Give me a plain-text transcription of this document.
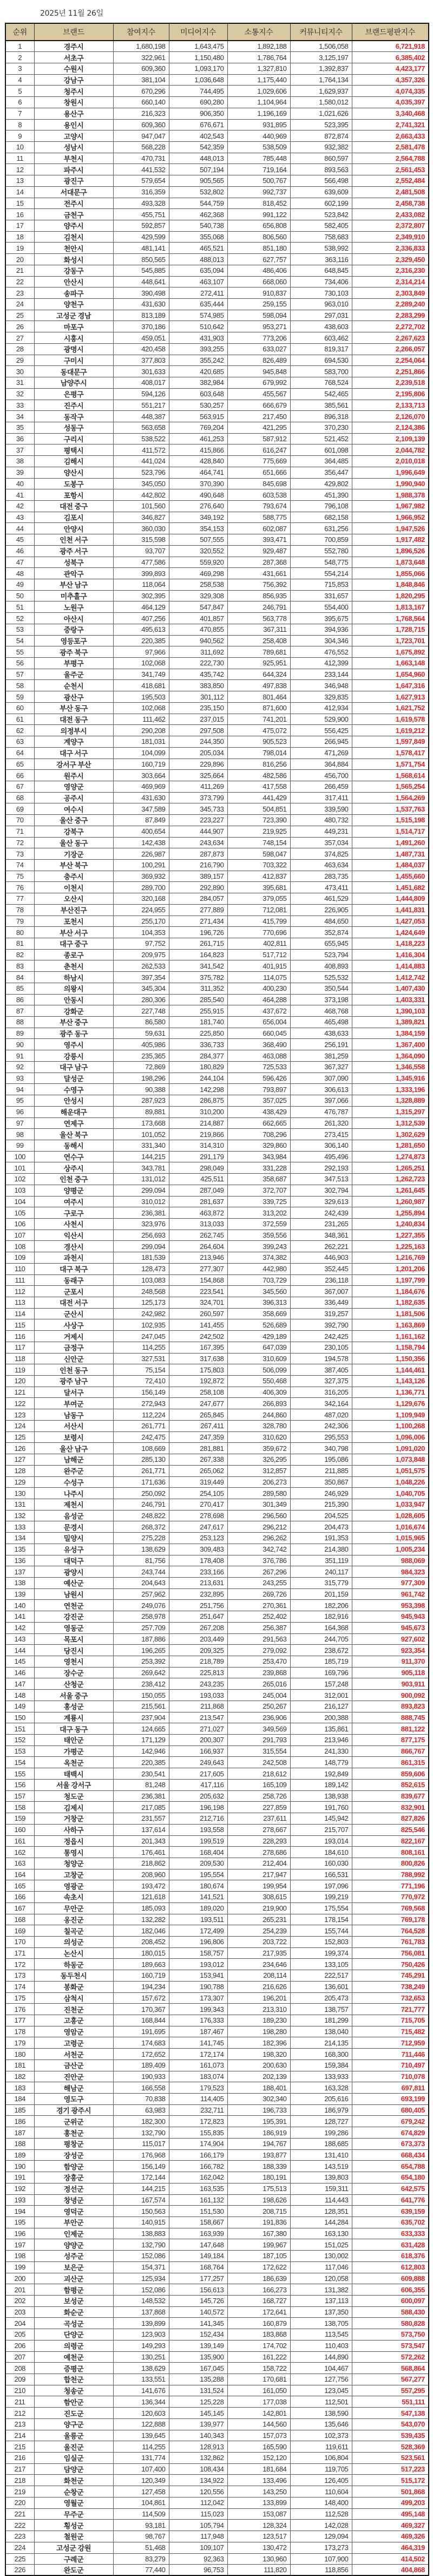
2025년 11월 26일
순위	브랜드	참여지수	미디어지수	소통지수	커뮤니티지수	브랜드평판지수
1	경주시	1,680,198	1,643,475	1,892,188	1,506,058	6,721,918
2	서초구	322,961	1,150,480	1,786,764	3,125,197	6,385,402
3	수원시	609,360	1,093,170	1,327,810	1,392,837	4,423,177
4	강남구	381,104	1,036,648	1,175,440	1,764,134	4,357,326
5	청주시	670,296	744,495	1,029,606	1,629,937	4,074,335
6	창원시	660,140	690,280	1,104,964	1,580,012	4,035,397
7	용산구	216,323	906,350	1,196,169	1,021,626	3,340,468
8	용인시	609,360	676,671	931,895	523,395	2,741,321
9	고양시	947,047	402,543	440,969	872,874	2,663,433
10	성남시	568,228	542,359	538,509	932,382	2,581,478
11	부천시	470,731	448,013	785,448	860,597	2,564,788
12	파주시	441,532	507,194	719,164	893,563	2,561,453
13	광진구	579,654	905,565	500,767	566,498	2,552,484
14	서대문구	316,359	532,802	992,737	639,609	2,481,508
15	전주시	493,328	544,759	818,452	602,199	2,458,738
16	금천구	455,751	462,368	991,122	523,842	2,433,082
17	양주시	592,857	540,738	656,808	582,405	2,372,807
18	김천시	429,599	355,068	806,560	758,683	2,349,910
19	천안시	481,141	465,521	851,180	538,992	2,336,833
20	화성시	850,565	488,013	627,757	363,116	2,329,450
21	강동구	545,885	635,094	486,406	648,845	2,316,230
22	안산시	448,641	463,107	668,060	734,406	2,314,214
23	송파구	390,498	272,411	910,837	730,103	2,303,849
24	양천구	431,630	635,444	259,155	963,010	2,289,240
25	고성군 경남	813,189	574,985	598,094	297,031	2,283,299
26	마포구	370,186	510,642	953,271	438,603	2,272,702
27	시흥시	459,051	431,903	773,206	603,462	2,267,623
28	광명시	420,458	393,255	633,027	819,317	2,266,057
29	구미시	377,803	355,242	826,489	694,530	2,254,064
30	동대문구	301,633	420,685	945,848	583,700	2,251,866
31	남양주시	408,017	382,984	679,992	768,524	2,239,518
32	은평구	594,126	603,648	455,567	542,465	2,195,806
33	진주시	551,217	530,257	666,679	385,561	2,133,713
34	동작구	448,387	563,915	217,450	896,318	2,126,070
35	성동구	563,658	769,204	421,295	370,230	2,124,386
36	구리시	538,522	461,253	587,912	521,452	2,109,139
37	평택시	411,572	415,866	616,247	601,098	2,044,782
38	김해시	441,024	428,840	775,669	364,485	2,010,018
39	양산시	523,796	464,741	651,666	356,447	1,996,649
40	도봉구	345,050	370,390	845,698	429,802	1,990,940
41	포항시	442,802	490,648	603,538	451,390	1,988,378
42	대전 중구	101,560	276,640	793,674	796,108	1,967,982
43	김포시	346,827	349,192	588,775	682,158	1,966,952
44	안양시	360,030	354,153	602,087	631,256	1,947,526
45	인천 서구	315,598	507,555	393,471	700,859	1,917,482
46	광주 서구	93,707	320,552	929,487	552,780	1,896,526
47	성북구	477,586	559,920	287,368	548,775	1,873,648
48	관악구	399,893	469,298	431,661	554,214	1,855,066
49	부산 남구	118,064	258,538	756,392	715,853	1,848,846
50	미추홀구	302,395	329,308	856,935	331,657	1,820,295
51	노원구	464,129	547,847	246,791	554,400	1,813,167
52	아산시	407,256	401,857	563,778	395,675	1,768,564
53	중랑구	495,613	470,855	367,311	394,936	1,728,715
54	영등포구	220,385	940,562	258,408	304,346	1,723,701
55	광주 북구	97,966	311,692	789,681	476,552	1,675,892
56	부평구	102,068	222,730	925,951	412,399	1,663,148
57	울주군	341,749	435,742	644,324	233,144	1,654,960
58	순천시	418,681	383,850	497,838	346,948	1,647,316
59	광산구	195,503	301,112	801,464	329,835	1,627,913
60	부산 동구	102,068	235,150	871,600	412,934	1,621,752
61	대전 동구	111,462	237,015	741,201	529,900	1,619,578
62	의정부시	290,208	297,508	475,072	556,425	1,619,212
63	계양구	181,031	244,350	905,523	266,945	1,597,849
64	대구 서구	104,099	205,034	798,014	471,269	1,578,417
65	강서구 부산	160,719	229,896	816,256	364,884	1,571,754
66	원주시	303,664	325,664	482,586	456,700	1,568,614
67	영양군	469,969	411,269	417,558	266,459	1,565,254
68	공주시	431,630	373,799	441,429	317,411	1,564,269
69	여수시	347,589	345,733	504,851	339,590	1,537,763
70	울산 중구	87,849	223,227	723,390	480,732	1,515,198
71	강북구	400,654	444,907	219,925	449,231	1,514,717
72	울산 동구	142,438	243,634	748,154	357,034	1,491,260
73	기장군	226,987	287,873	598,047	374,825	1,487,731
74	부산 북구	100,291	216,790	703,322	463,634	1,484,037
75	충주시	369,932	389,157	412,837	283,735	1,455,660
76	이천시	289,700	292,890	395,681	473,411	1,451,682
77	오산시	320,168	284,057	379,055	461,529	1,444,809
78	부산진구	224,955	277,889	712,081	226,905	1,441,831
79	포천시	255,170	271,434	415,799	484,650	1,427,053
80	부산 서구	104,353	196,726	770,696	352,874	1,424,649
81	대구 중구	97,752	261,715	402,811	655,945	1,418,223
82	종로구	209,975	164,823	517,712	523,794	1,416,304
83	춘천시	262,533	341,542	401,915	408,893	1,414,883
84	하남시	397,354	375,782	114,075	525,532	1,412,742
85	의왕시	345,304	311,352	400,230	350,544	1,407,430
86	안동시	280,306	285,540	464,288	373,198	1,403,331
87	강화군	227,748	255,915	437,672	468,768	1,390,103
88	부산 중구	86,580	181,740	656,004	465,498	1,389,821
89	광주 동구	59,631	225,850	660,045	438,633	1,384,159
90	영주시	405,986	336,733	368,490	256,191	1,367,400
91	강릉시	235,365	284,377	463,088	381,259	1,364,090
92	대구 남구	72,869	180,829	725,533	367,327	1,346,558
93	달성군	198,296	244,104	596,426	307,090	1,345,916
94	수영구	90,388	142,298	793,897	306,613	1,333,196
95	안성시	287,923	286,875	357,025	397,066	1,328,889
96	해운대구	89,881	310,200	438,429	476,787	1,315,297
97	연제구	173,668	214,887	662,665	261,320	1,312,539
98	울산 북구	101,052	219,866	708,296	273,415	1,302,629
99	동해시	331,340	314,310	329,860	306,140	1,281,650
100	연수구	144,215	291,179	343,984	495,496	1,274,873
101	상주시	343,781	298,049	331,228	292,193	1,265,251
102	인천 중구	131,012	425,511	358,687	347,513	1,262,723
103	양평군	299,094	287,049	372,707	302,794	1,261,645
104	여주시	310,012	281,637	339,725	329,613	1,260,987
105	구로구	236,381	463,872	313,202	242,439	1,255,894
106	사천시	323,976	313,033	372,559	231,265	1,240,834
107	익산시	256,693	262,745	359,556	348,361	1,227,355
108	경산시	299,094	264,604	399,243	262,221	1,225,163
109	과천시	181,539	213,946	374,382	446,903	1,216,769
110	대구 북구	128,473	277,307	442,980	352,445	1,201,206
111	동래구	103,083	154,868	703,729	236,118	1,197,799
112	군포시	248,568	223,541	345,560	367,007	1,184,676
113	대전 서구	125,173	324,701	396,313	336,449	1,182,635
114	군산시	242,982	260,597	358,669	319,257	1,181,506
115	사상구	102,935	141,455	526,689	392,790	1,163,869
116	거제시	247,045	242,502	429,189	242,425	1,161,162
117	금정구	114,255	167,395	647,039	230,105	1,158,794
118	신안군	327,531	317,638	310,609	194,578	1,150,356
119	인천 동구	75,154	175,803	506,099	387,405	1,144,461
120	광주 남구	72,410	192,872	550,468	327,375	1,143,126
121	달서구	156,149	258,108	406,309	316,205	1,136,771
122	부여군	272,943	247,677	266,893	342,164	1,129,676
123	남동구	112,224	265,845	244,860	487,020	1,109,949
124	서산시	261,771	267,411	328,780	242,306	1,100,268
125	보령시	242,475	247,359	310,620	295,553	1,096,006
126	울산 남구	108,669	281,881	359,672	340,798	1,091,020
127	남해군	285,130	267,338	326,295	195,086	1,073,848
128	완주군	261,771	265,062	312,857	211,885	1,051,575
129	수성구	171,636	319,449	206,273	350,867	1,048,226
130	나주시	250,092	254,105	289,580	246,929	1,040,705
131	제천시	246,791	270,417	301,349	215,390	1,033,947
132	음성군	248,822	278,698	296,560	204,525	1,028,605
133	문경시	268,372	247,617	296,212	204,473	1,016,674
134	밀양시	275,228	253,123	296,262	191,353	1,015,965
135	유성구	138,629	309,483	342,742	214,380	1,005,234
136	대덕구	81,756	178,408	376,786	351,119	988,069
137	광양시	243,744	233,166	267,296	240,117	984,323
138	예산군	204,643	213,631	243,255	315,779	977,309
139	남원시	257,962	232,895	269,726	201,159	961,742
140	연천군	249,076	251,756	270,361	182,206	953,398
141	강진군	258,978	251,647	252,402	182,916	945,943
142	영동군	257,709	267,208	256,387	164,368	945,673
143	목포시	187,886	203,449	291,563	244,705	927,602
144	당진시	196,265	209,325	279,092	238,672	923,354
145	영천시	253,392	218,789	253,470	185,719	911,370
146	장수군	269,642	225,813	239,868	169,796	905,118
147	산청군	238,412	243,235	265,016	157,248	903,911
148	서울 중구	150,055	193,033	245,004	312,001	900,092
149	홍성군	215,561	211,868	250,267	216,127	893,823
150	계룡시	237,904	213,547	236,906	200,388	888,745
151	대구 동구	124,665	271,027	349,569	135,861	881,122
152	태안군	171,129	200,307	291,793	213,946	877,175
153	가평군	142,946	166,937	315,554	241,330	866,767
154	옥천군	220,385	249,643	242,508	148,779	861,315
155	태백시	230,541	217,605	218,612	192,849	859,606
156	서울 강서구	81,248	417,116	165,109	189,142	852,615
157	청도군	236,381	205,632	258,726	138,938	839,677
158	김제시	217,085	196,198	227,859	191,760	832,901
159	거창군	231,557	212,716	237,611	145,942	827,826
160	사하구	137,614	193,558	278,667	215,707	825,546
161	정읍시	201,343	199,519	228,293	193,014	822,167
162	통영시	176,461	168,404	278,686	184,610	808,161
163	청양군	218,862	209,530	212,404	160,030	800,826
164	고창군	208,960	195,554	217,947	166,531	788,992
165	영광군	193,472	180,674	199,954	197,096	771,196
166	속초시	121,618	141,521	308,615	199,219	770,972
167	무안군	185,093	189,020	219,900	175,554	769,568
168	옹진군	132,282	193,511	265,231	178,154	769,178
169	칠곡군	182,046	172,499	254,239	155,744	764,528
170	의성군	208,452	196,806	203,722	152,803	761,783
171	논산시	180,015	158,757	217,935	199,374	756,081
172	하동군	189,663	193,012	234,646	133,105	750,426
173	동두천시	160,719	153,941	208,114	222,517	745,291
174	봉화군	194,234	190,788	216,626	136,601	738,249
175	삼척시	157,672	173,307	196,201	205,473	732,653
176	진천군	170,367	199,343	213,310	138,757	721,777
177	고흥군	168,844	176,333	189,230	181,299	715,705
178	영암군	191,695	187,467	198,280	138,040	715,482
179	고령군	174,683	141,745	182,396	214,135	712,959
180	서천군	172,652	172,174	198,320	168,300	711,446
181	금산군	189,409	161,073	200,630	159,384	710,497
182	진안군	190,933	183,074	202,139	133,933	710,078
183	해남군	166,558	179,523	188,401	163,328	697,811
184	영도구	70,838	114,405	302,340	205,616	693,199
185	경기 광주시	63,983	232,711	196,733	186,979	680,405
186	군위군	182,300	172,823	195,391	128,727	679,242
187	홍천군	132,790	155,835	186,919	199,286	674,829
188	평창군	115,017	174,904	194,767	188,685	673,373
189	장성군	176,968	166,179	193,877	131,410	668,434
190	함양군	156,149	166,782	188,339	143,519	654,788
191	장흥군	172,144	162,042	180,191	139,803	654,180
192	정선군	144,215	163,535	175,513	159,311	642,575
193	창녕군	167,574	161,132	198,626	114,443	641,776
194	영덕군	150,563	151,530	208,715	128,351	639,159
195	부안군	140,915	158,667	191,836	144,284	635,702
196	인제군	138,883	163,939	167,380	163,130	633,333
197	양양군	132,790	147,648	199,967	151,025	631,428
198	성주군	152,086	149,184	187,105	130,002	618,376
199	보은군	154,371	168,764	172,622	117,046	612,803
200	괴산군	125,934	177,257	186,639	120,058	609,888
201	함평군	152,086	156,613	166,273	131,382	606,355
202	보성군	148,532	145,726	168,727	137,113	600,097
203	화순군	137,868	140,572	172,641	137,350	588,430
204	곡성군	139,899	141,345	160,879	138,705	580,828
205	단양군	123,903	152,434	183,868	113,545	573,750
206	의령군	149,293	139,149	174,702	110,403	573,547
207	예천군	130,251	135,900	161,222	144,890	572,262
208	증평군	138,629	167,045	158,722	104,467	568,864
209	합천군	133,551	135,288	170,681	127,756	567,277
210	청송군	141,676	131,524	161,050	123,045	557,295
211	함안군	136,344	125,228	177,038	112,501	551,111
212	진도군	120,603	145,145	142,801	138,590	547,138
213	양구군	122,888	139,977	144,560	135,646	543,070
214	울릉군	139,645	140,343	157,073	102,373	539,435
215	울진군	114,255	128,913	165,590	119,611	528,369
216	임실군	131,774	132,862	152,120	106,804	523,561
217	담양군	107,400	108,434	181,684	119,705	517,223
218	화천군	120,349	134,922	133,496	126,405	515,172
219	순창군	127,458	120,556	143,250	110,604	501,868
220	영월군	104,861	112,042	133,899	148,400	499,203
221	무주군	114,509	115,023	153,087	112,528	495,148
222	횡성군	93,181	105,794	128,324	142,028	469,327
223	철원군	98,767	117,948	123,517	129,094	469,326
224	고성군 강원	51,468	109,107	130,472	173,273	464,319
225	구례군	83,279	92,363	130,960	107,900	414,502
226	완도군	77,440	96,753	111,820	118,856	404,868
